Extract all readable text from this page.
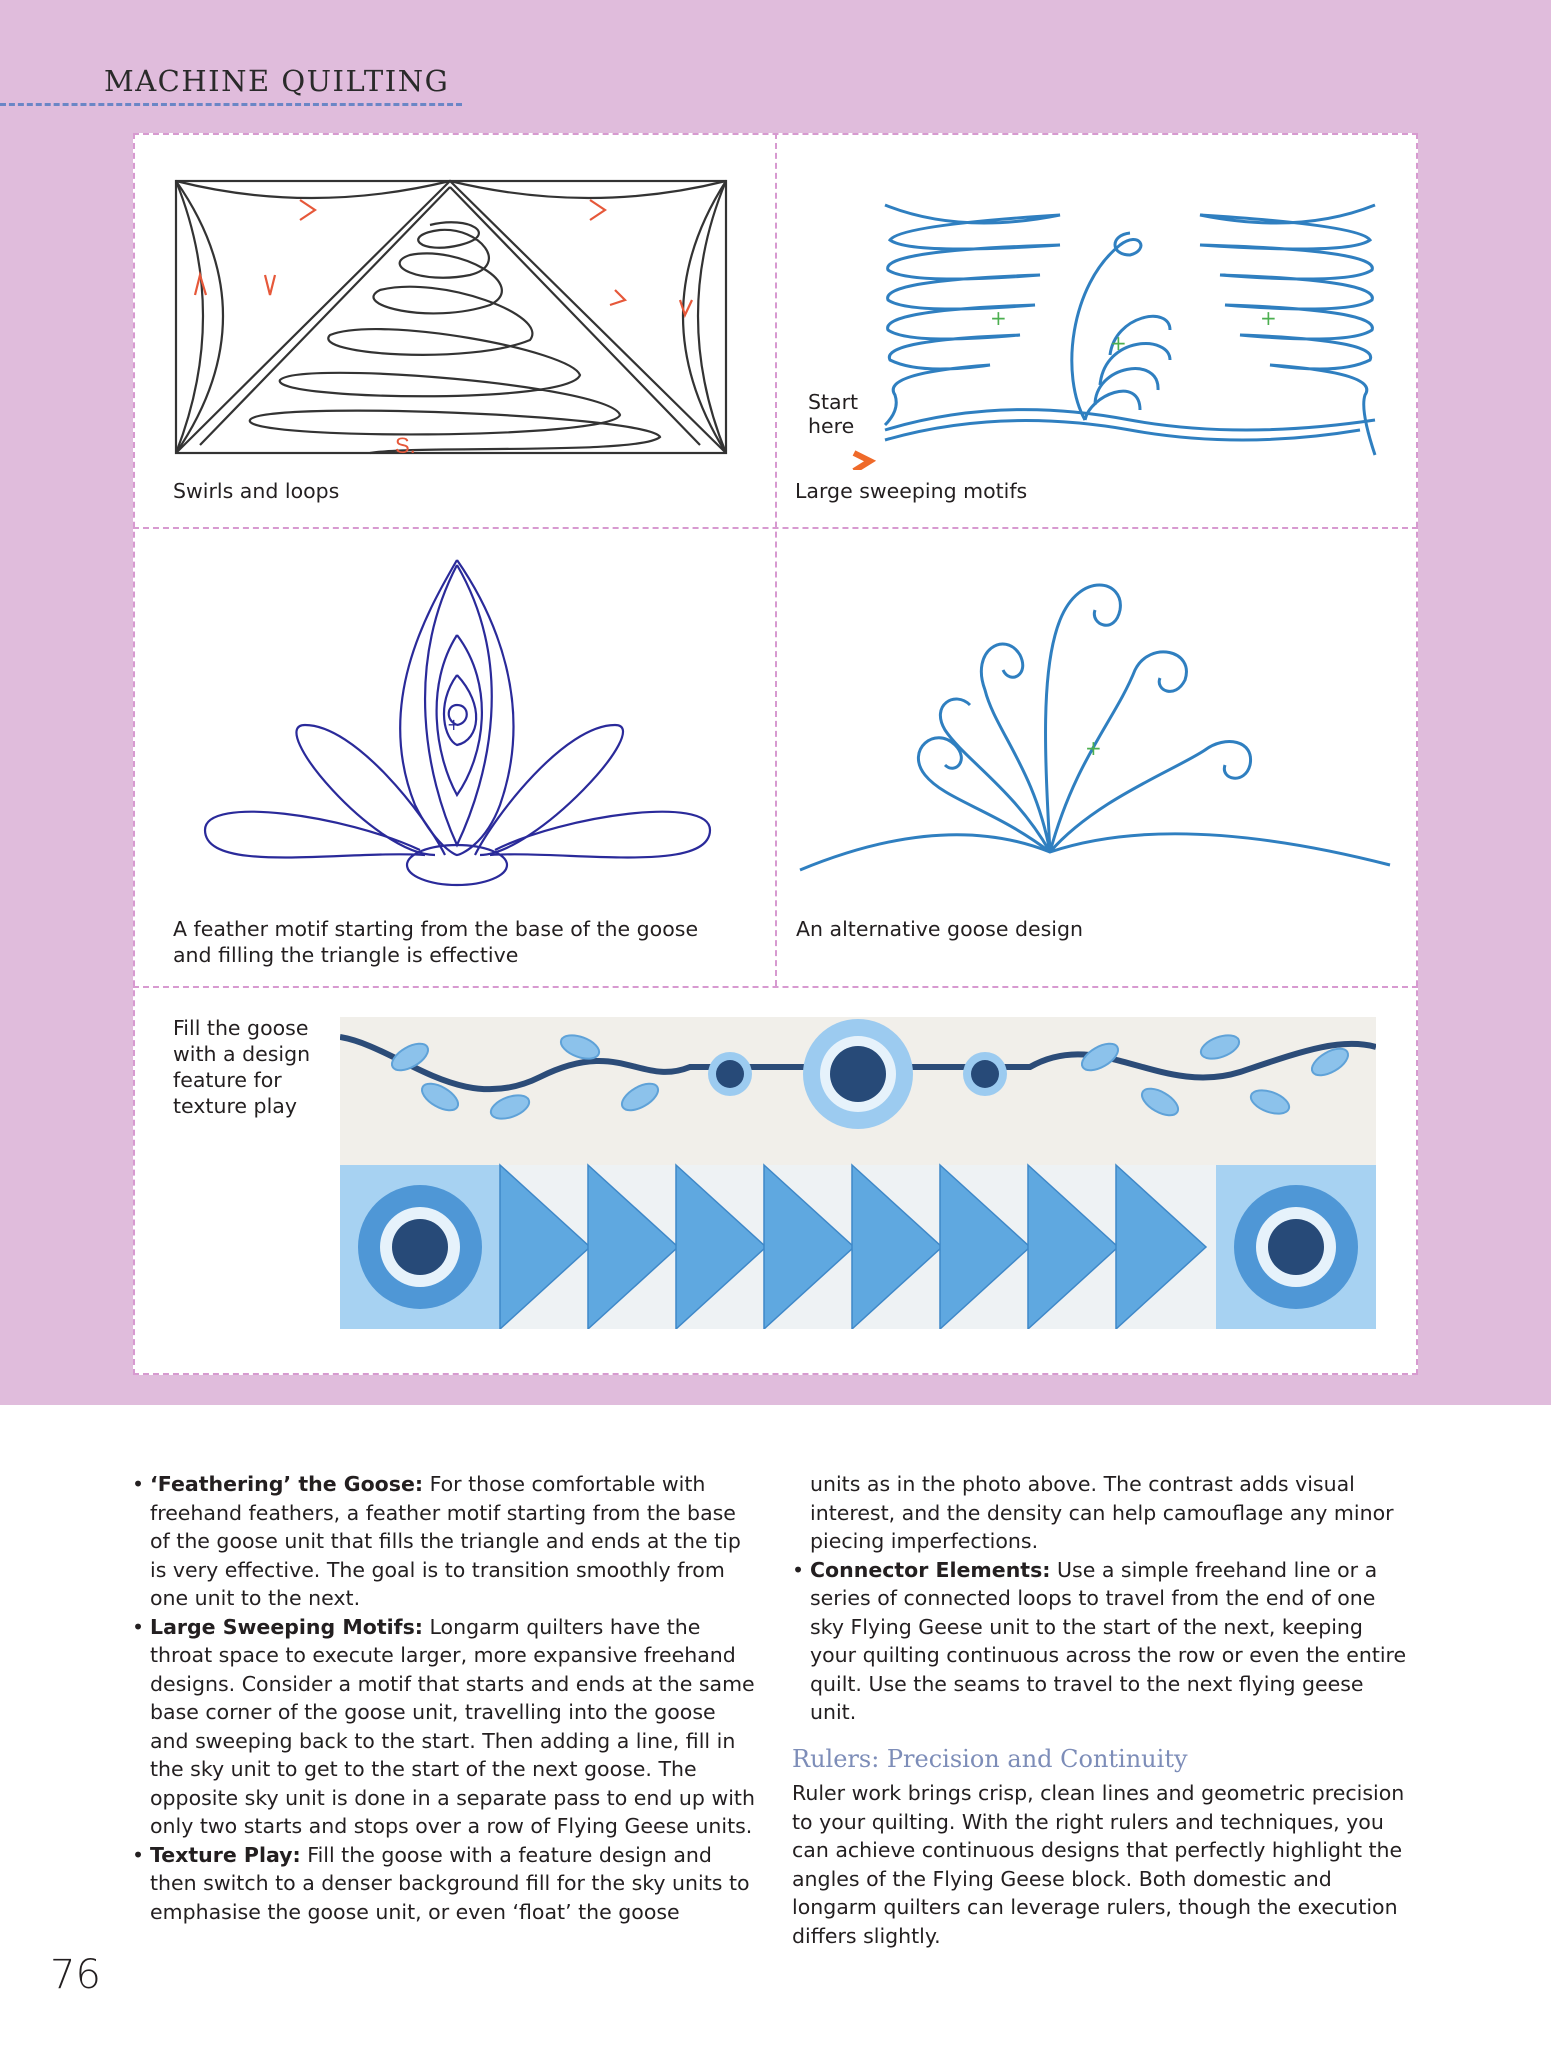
MACHINE QUILTING
S.
Swirls and loops
+
+
+
Start
here
Large sweeping motifs
+
A feather motif starting from the base of the goose
and filling the triangle is effective
+
An alternative goose design
Fill the goose
with a design
feature for
texture play
• ‘Feathering’ the Goose: For those comfortable with freehand feathers, a feather motif starting from the base of the goose unit that fills the triangle and ends at the tip is very effective. The goal is to transition smoothly from one unit to the next.
• Large Sweeping Motifs: Longarm quilters have the throat space to execute larger, more expansive freehand designs. Consider a motif that starts and ends at the same base corner of the goose unit, travelling into the goose and sweeping back to the start. Then adding a line, fill in the sky unit to get to the start of the next goose. The opposite sky unit is done in a separate pass to end up with only two starts and stops over a row of Flying Geese units.
• Texture Play: Fill the goose with a feature design and then switch to a denser background fill for the sky units to emphasise the goose unit, or even ‘float’ the goose
units as in the photo above. The contrast adds visual interest, and the density can help camouflage any minor piecing imperfections.
• Connector Elements: Use a simple freehand line or a series of connected loops to travel from the end of one sky Flying Geese unit to the start of the next, keeping your quilting continuous across the row or even the entire quilt. Use the seams to travel to the next flying geese unit.
Rulers: Precision and Continuity
Ruler work brings crisp, clean lines and geometric precision to your quilting. With the right rulers and techniques, you can achieve continuous designs that perfectly highlight the angles of the Flying Geese block. Both domestic and longarm quilters can leverage rulers, though the execution differs slightly.
76
